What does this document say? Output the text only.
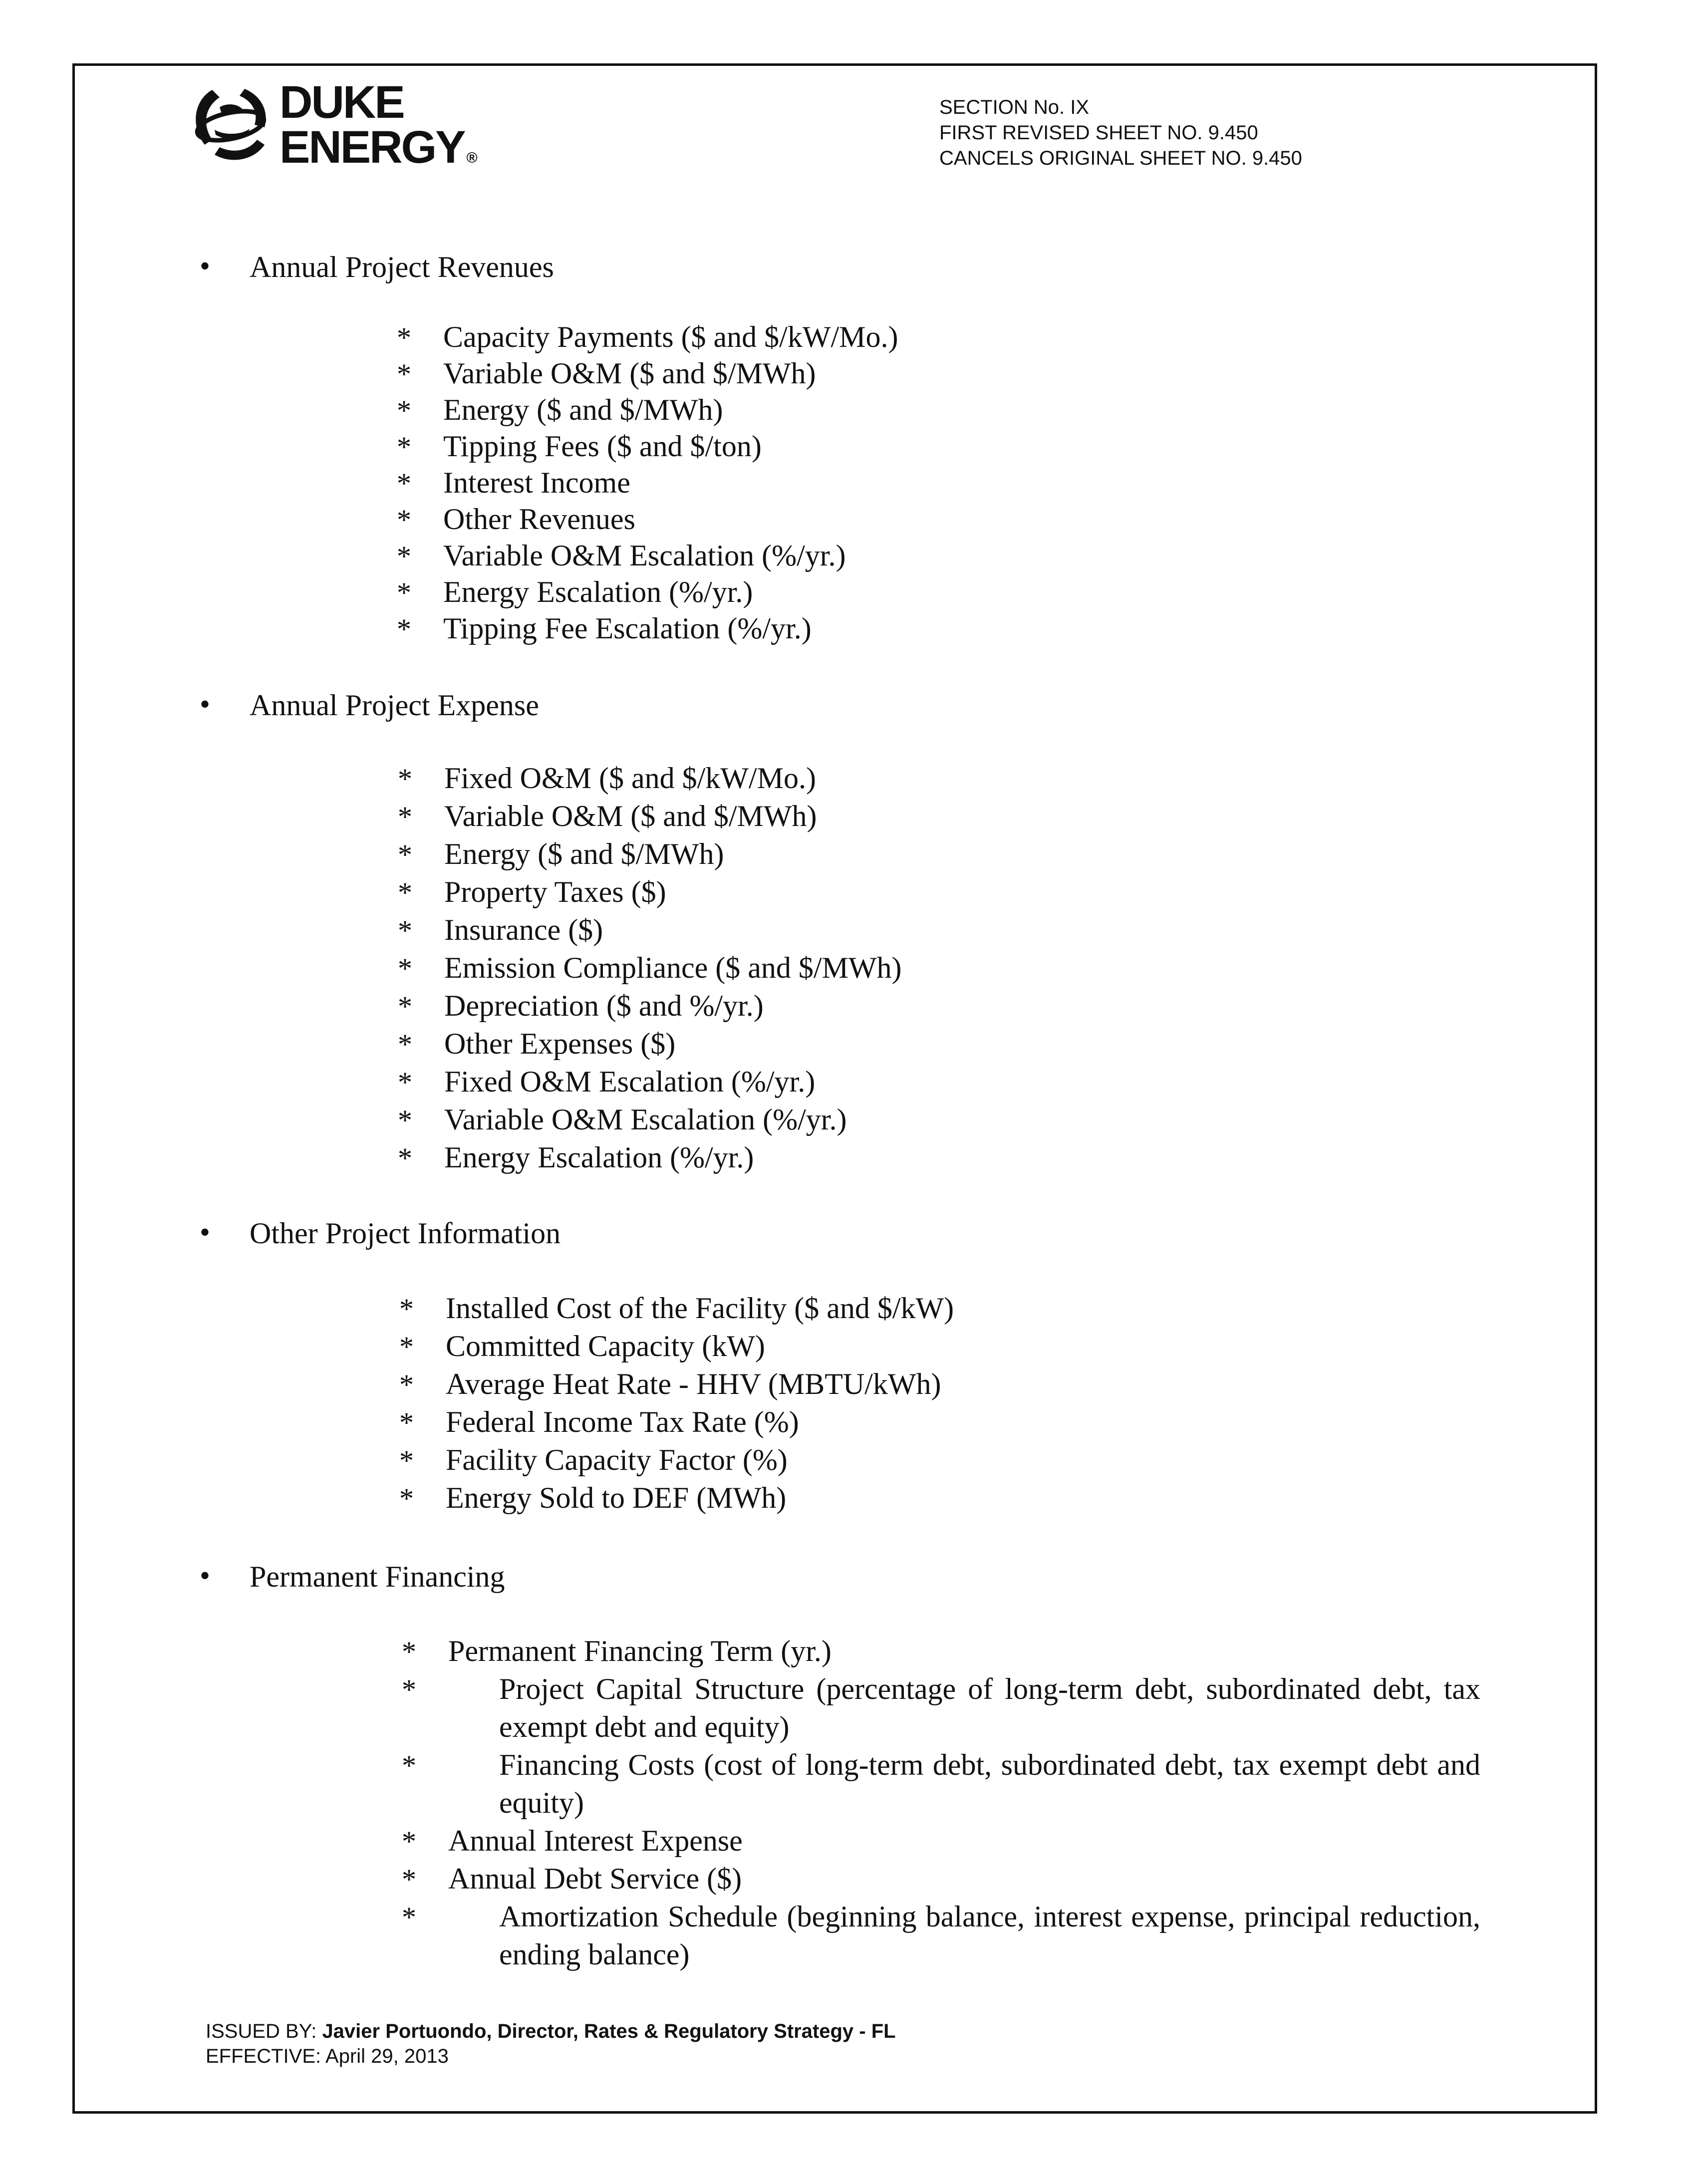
DUKE
ENERGY ®
SECTION No. IX
FIRST REVISED SHEET NO. 9.450
CANCELS ORIGINAL SHEET NO. 9.450
• Annual Project Revenues
* Capacity Payments ($ and $/kW/Mo.)
* Variable O&M ($ and $/MWh)
* Energy ($ and $/MWh)
* Tipping Fees ($ and $/ton)
* Interest Income
* Other Revenues
* Variable O&M Escalation (%/yr.)
* Energy Escalation (%/yr.)
* Tipping Fee Escalation (%/yr.)
• Annual Project Expense
* Fixed O&M ($ and $/kW/Mo.)
* Variable O&M ($ and $/MWh)
* Energy ($ and $/MWh)
* Property Taxes ($)
* Insurance ($)
* Emission Compliance ($ and $/MWh)
* Depreciation ($ and %/yr.)
* Other Expenses ($)
* Fixed O&M Escalation (%/yr.)
* Variable O&M Escalation (%/yr.)
* Energy Escalation (%/yr.)
• Other Project Information
* Installed Cost of the Facility ($ and $/kW)
* Committed Capacity (kW)
* Average Heat Rate - HHV (MBTU/kWh)
* Federal Income Tax Rate (%)
* Facility Capacity Factor (%)
* Energy Sold to DEF (MWh)
• Permanent Financing
* Permanent Financing Term (yr.)
*	Project Capital Structure (percentage of long-term debt, subordinated debt, tax exempt debt and equity)
*	Financing Costs (cost of long-term debt, subordinated debt, tax exempt debt and equity)
* Annual Interest Expense
* Annual Debt Service ($)
*	Amortization Schedule (beginning balance, interest expense, principal reduction, ending balance)
ISSUED BY: Javier Portuondo, Director, Rates & Regulatory Strategy - FL
EFFECTIVE: April 29, 2013
